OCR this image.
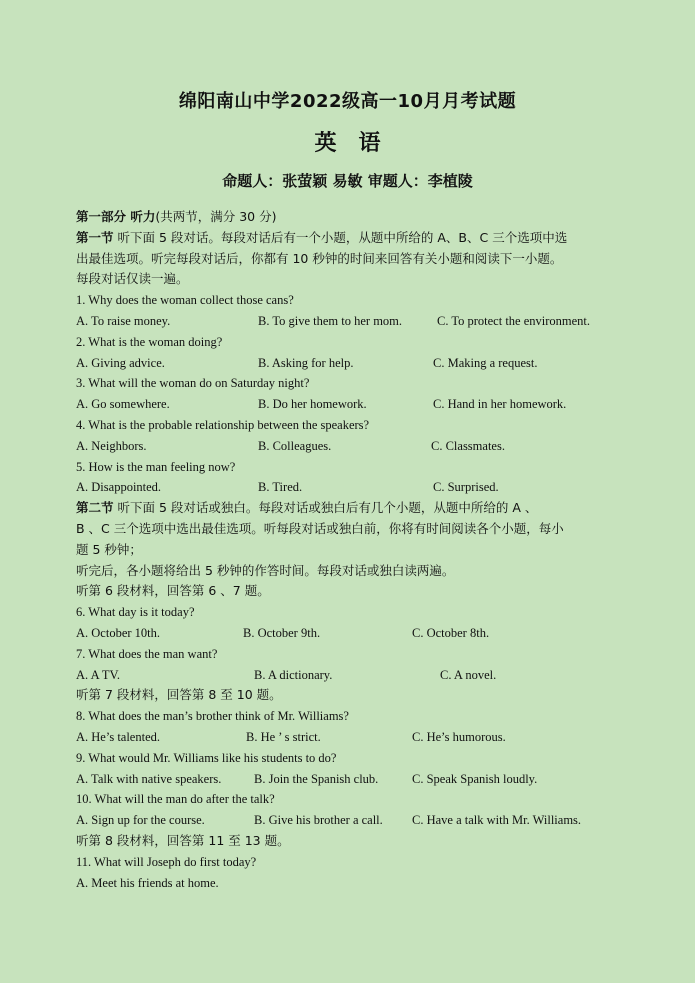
绵阳南山中学2022级高一10月月考试题
英　语
命题人：张萤颖 易敏 审题人：李植陵
第一部分 听力(共两节，满分 30 分)
第一节 听下面 5 段对话。每段对话后有一个小题，从题中所给的 A、B、C 三个选项中选
出最佳选项。听完每段对话后，你都有 10 秒钟的时间来回答有关小题和阅读下一小题。
每段对话仅读一遍。
1. Why does the woman collect those cans?
A. To raise money.	B. To give them to her mom.	C. To protect the environment.
2. What is the woman doing?
A. Giving advice.	B. Asking for help.	C. Making a request.
3. What will the woman do on Saturday night?
A. Go somewhere.	B. Do her homework.	C. Hand in her homework.
4. What is the probable relationship between the speakers?
A. Neighbors.	B. Colleagues.	C. Classmates.
5. How is the man feeling now?
A. Disappointed.	B. Tired.	C. Surprised.
第二节 听下面 5 段对话或独白。每段对话或独白后有几个小题，从题中所给的 A 、
B 、C 三个选项中选出最佳选项。听每段对话或独白前，你将有时间阅读各个小题，每小
题 5 秒钟；
听完后，各小题将给出 5 秒钟的作答时间。每段对话或独白读两遍。
听第 6 段材料，回答第 6 、7 题。
6. What day is it today?
A. October 10th.	B. October 9th.	C. October 8th.
7. What does the man want?
A. A TV.	B. A dictionary.	C. A novel.
听第 7 段材料，回答第 8 至 10 题。
8. What does the man’s brother think of Mr. Williams?
A. He’s talented.	B. He ’ s strict.	C. He’s humorous.
9. What would Mr. Williams like his students to do?
A. Talk with native speakers.	B. Join the Spanish club.	C. Speak Spanish loudly.
10. What will the man do after the talk?
A. Sign up for the course.	B. Give his brother a call. C. Have a talk with Mr. Williams.
听第 8 段材料，回答第 11 至 13 题。
11. What will Joseph do first today?
A. Meet his friends at home.
